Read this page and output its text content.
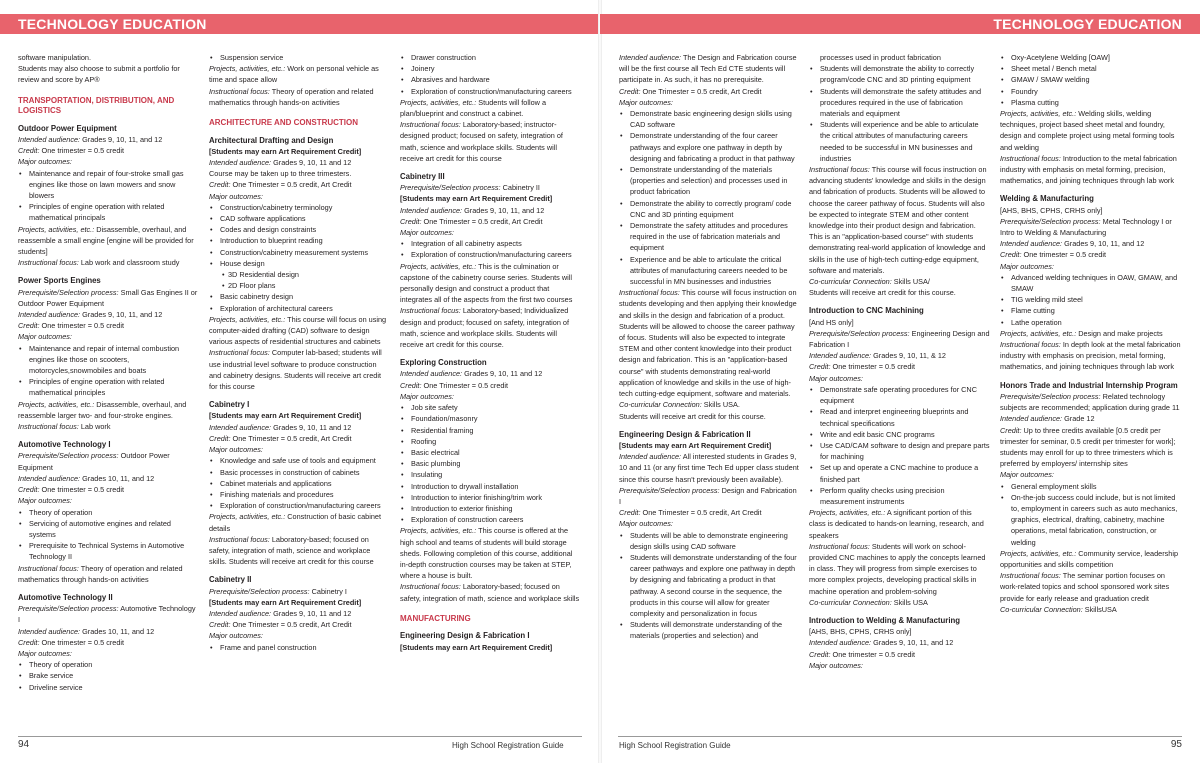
TECHNOLOGY EDUCATION

software manipulation.

Students may also choose to submit a portfolio for review and score by AP®

TRANSPORTATION, DISTRIBUTION, AND LOGISTICS
Outdoor Power Equipment

Intended audience: Grades 9, 10, 11, and 12

Credit: One trimester = 0.5 credit

Major outcomes:

• Maintenance and repair of four-stroke small gas engines like those on lawn mowers and snow blowers
• Principles of engine operation with related mathematical principals

Projects, activities, etc.: Disassemble, overhaul, and reassemble a small engine [engine will be provided for students]

Instructional focus: Lab work and classroom study

Power Sports Engines

Prerequisite/Selection process: Small Gas Engines II or Outdoor Power Equipment

Intended audience: Grades 9, 10, 11, and 12

Credit: One trimester = 0.5 credit

Major outcomes:

• Maintenance and repair of internal combustion engines like those on scooters, motorcycles,snowmobiles and boats
• Principles of engine operation with related mathematical principles

Projects, activities, etc.: Disassemble, overhaul, and reassemble larger two- and four-stroke engines.

Instructional focus: Lab work

Automotive Technology I

Prerequisite/Selection process: Outdoor Power Equipment

Intended audience: Grades 10, 11, and 12

Credit: One trimester = 0.5 credit

Major outcomes:

• Theory of operation
• Servicing of automotive engines and related systems
• Prerequisite to Technical Systems in Automotive Technology II

Instructional focus: Theory of operation and related mathematics through hands-on activities

Automotive Technology II

Prerequisite/Selection process: Automotive Technology I

Intended audience: Grades 10, 11, and 12

Credit: One trimester = 0.5 credit

Major outcomes:

• Theory of operation
• Brake service
• Driveline service
• Suspension service

Projects, activities, etc.: Work on personal vehicle as time and space allow

Instructional focus: Theory of operation and related mathematics through hands-on activities

ARCHITECTURE AND CONSTRUCTION
Architectural Drafting and Design

[Students may earn Art Requirement Credit]

Intended audience: Grades 9, 10, 11 and 12

Course may be taken up to three trimesters.

Credit: One Trimester = 0.5 credit, Art Credit

Major outcomes:

• Construction/cabinetry terminology
• CAD software applications
• Codes and design constraints
• Introduction to blueprint reading
• Construction/cabinetry measurement systems
• House design
• 3D Residential design
• 2D Floor plans
• Basic cabinetry design
• Exploration of architectural careers

Projects, activities, etc.: This course will focus on using computer-aided drafting (CAD) software to design various aspects of residential structures and cabinets

Instructional focus: Computer lab-based; students will use industrial level software to produce construction and cabinetry designs. Students will receive art credit for this course

Cabinetry I

[Students may earn Art Requirement Credit]

Intended audience: Grades 9, 10, 11 and 12

Credit: One Trimester = 0.5 credit, Art Credit

Major outcomes:

• Knowledge and safe use of tools and equipment
• Basic processes in construction of cabinets
• Cabinet materials and applications
• Finishing materials and procedures
• Exploration of construction/manufacturing careers

Projects, activities, etc.: Construction of basic cabinet details

Instructional focus: Laboratory-based; focused on safety, integration of math, science and workplace skills. Students will receive art credit for this course

Cabinetry II

Prerequisite/Selection process: Cabinetry I

[Students may earn Art Requirement Credit]

Intended audience: Grades 9, 10, 11 and 12

Credit: One Trimester = 0.5 credit, Art Credit

Major outcomes:

• Frame and panel construction
• Drawer construction
• Joinery
• Abrasives and hardware
• Exploration of construction/manufacturing careers

Projects, activities, etc.: Students will follow a plan/blueprint and construct a cabinet.

Instructional focus: Laboratory-based; instructor-designed product; focused on safety, integration of math, science and workplace skills. Students will receive art credit for this course

Cabinetry III

Prerequisite/Selection process: Cabinetry II

[Students may earn Art Requirement Credit]

Intended audience: Grades 9, 10, 11, and 12

Credit: One Trimester = 0.5 credit, Art Credit

Major outcomes:

• Integration of all cabinetry aspects
• Exploration of construction/manufacturing careers

Projects, activities, etc.: This is the culmination or capstone of the cabinetry course series. Students will personally design and construct a product that integrates all of the aspects from the first two courses

Instructional focus: Laboratory-based; Individualized design and product; focused on safety, integration of math, science and workplace skills. Students will receive art credit for this course.

Exploring Construction

Intended audience: Grades 9, 10, 11 and 12

Credit: One Trimester = 0.5 credit

Major outcomes:

• Job site safety
• Foundation/masonry
• Residential framing
• Roofing
• Basic electrical
• Basic plumbing
• Insulating
• Introduction to drywall installation
• Introduction to interior finishing/trim work
• Introduction to exterior finishing
• Exploration of construction careers

Projects, activities, etc.: This course is offered at the high school and teams of students will build storage sheds. Following completion of this course, additional in-depth construction courses may be taken at STEP, where a house is built.

Instructional focus: Laboratory-based; focused on safety, integration of math, science and workplace skills

MANUFACTURING
Engineering Design & Fabrication I

[Students may earn Art Requirement Credit]

94	High School Registration Guide
TECHNOLOGY EDUCATION

Intended audience: The Design and Fabrication course will be the first course all Tech Ed CTE students will participate in. As such, it has no prerequisite.

Credit: One Trimester = 0.5 credit, Art Credit

Major outcomes:

• Demonstrate basic engineering design skills using CAD software
• Demonstrate understanding of the four career pathways and explore one pathway in depth by designing and fabricating a product in that pathway
• Demonstrate understanding of the materials (properties and selection) and processes used in product fabrication
• Demonstrate the ability to correctly program/ code CNC and 3D printing equipment
• Demonstrate the safety attitudes and procedures required in the use of fabrication materials and equipment
• Experience and be able to articulate the critical attributes of manufacturing careers needed to be successful in MN businesses and industries

Instructional focus: This course will focus instruction on students developing and then applying their knowledge and skills in the design and fabrication of a product. Students will be allowed to choose the career pathway of focus. Students will also be expected to integrate STEM and other content knowledge into their product design and fabrication. This is an "application-based course" with students demonstrating real-world application of knowledge and skills in the use of high-tech cutting-edge equipment, software and materials.

Co-curricular Connection: Skills USA.

Students will receive art credit for this course.

Engineering Design & Fabrication II

[Students may earn Art Requirement Credit]

Intended audience: All interested students in Grades 9, 10 and 11 (or any first time Tech Ed upper class student since this course hasn't previously been available).

Prerequisite/Selection process: Design and Fabrication I

Credit: One Trimester = 0.5 credit, Art Credit

Major outcomes:

• Students will be able to demonstrate engineering design skills using CAD software
• Students will demonstrate understanding of the four career pathways and explore one pathway in depth by designing and fabricating a product in that pathway. A second course in the sequence, the products in this course will allow for greater complexity and personalization in focus
• Students will demonstrate understanding of the materials (properties and selection) and

processes used in product fabrication

• Students will demonstrate the ability to correctly program/code CNC and 3D printing equipment
• Students will demonstrate the safety attitudes and procedures required in the use of fabrication materials and equipment
• Students will experience and be able to articulate the critical attributes of manufacturing careers needed to be successful in MN businesses and industries

Instructional focus: This course will focus instruction on advancing students' knowledge and skills in the design and fabrication of products. Students will be allowed to choose the career pathway of focus. Students will also be expected to integrate STEM and other content knowledge into their product design and fabrication. This is an "application-based course" with students demonstrating real-world application of knowledge and skills in the use of high-tech cutting-edge equipment, software and materials.

Co-curricular Connection: Skills USA/

Students will receive art credit for this course.

Introduction to CNC Machining

[And HS only]

Prerequisite/Selection process: Engineering Design and Fabrication I

Intended audience: Grades 9, 10, 11, & 12

Credit: One trimester = 0.5 credit

Major outcomes:

• Demonstrate safe operating procedures for CNC equipment
• Read and interpret engineering blueprints and technical specifications
• Write and edit basic CNC programs
• Use CAD/CAM software to design and prepare parts for machining
• Set up and operate a CNC machine to produce a finished part
• Perform quality checks using precision measurement instruments

Projects, activities, etc.: A significant portion of this class is dedicated to hands-on learning, research, and speakers

Instructional focus: Students will work on school-provided CNC machines to apply the concepts learned in class. They will progress from simple exercises to more complex projects, developing practical skills in machine operation and problem-solving

Co-curricular Connection: Skills USA

Introduction to Welding & Manufacturing

[AHS, BHS, CPHS, CRHS only]

Intended audience: Grades 9, 10, 11, and 12

Credit: One trimester = 0.5 credit

Major outcomes:

• Oxy-Acetylene Welding [OAW]
• Sheet metal / Bench metal
• GMAW / SMAW welding
• Foundry
• Plasma cutting

Projects, activities, etc.: Welding skills, welding techniques, project based sheet metal and foundry, design and complete project using metal forming tools and welding

Instructional focus: Introduction to the metal fabrication industry with emphasis on metal forming, precision, mathematics, and joining techniques through lab work

Welding & Manufacturing

[AHS, BHS, CPHS, CRHS only]

Prerequisite/Selection process: Metal Technology I or Intro to Welding & Manufacturing

Intended audience: Grades 9, 10, 11, and 12

Credit: One trimester = 0.5 credit

Major outcomes:

• Advanced welding techniques in OAW, GMAW, and SMAW
• TIG welding mild steel
• Flame cutting
• Lathe operation

Projects, activities, etc.: Design and make projects

Instructional focus: In depth look at the metal fabrication industry with emphasis on precision, metal forming, mathematics, and joining techniques through lab work

Honors Trade and Industrial Internship Program

Prerequisite/Selection process: Related technology subjects are recommended; application during grade 11

Intended audience: Grade 12

Credit: Up to three credits available [0.5 credit per trimester for seminar, 0.5 credit per trimester for work]; students may enroll for up to three trimesters which is preferred by employers/ internship sites

Major outcomes:

• General employment skills
• On-the-job success could include, but is not limited to, employment in careers such as auto mechanics, graphics, electrical, drafting, cabinetry, machine operations, metal fabrication, construction, or welding

Projects, activities, etc.: Community service, leadership opportunities and skills competition

Instructional focus: The seminar portion focuses on work-related topics and school sponsored work sites provide for early release and graduation credit

Co-curricular Connection: SkillsUSA

High School Registration Guide	95
